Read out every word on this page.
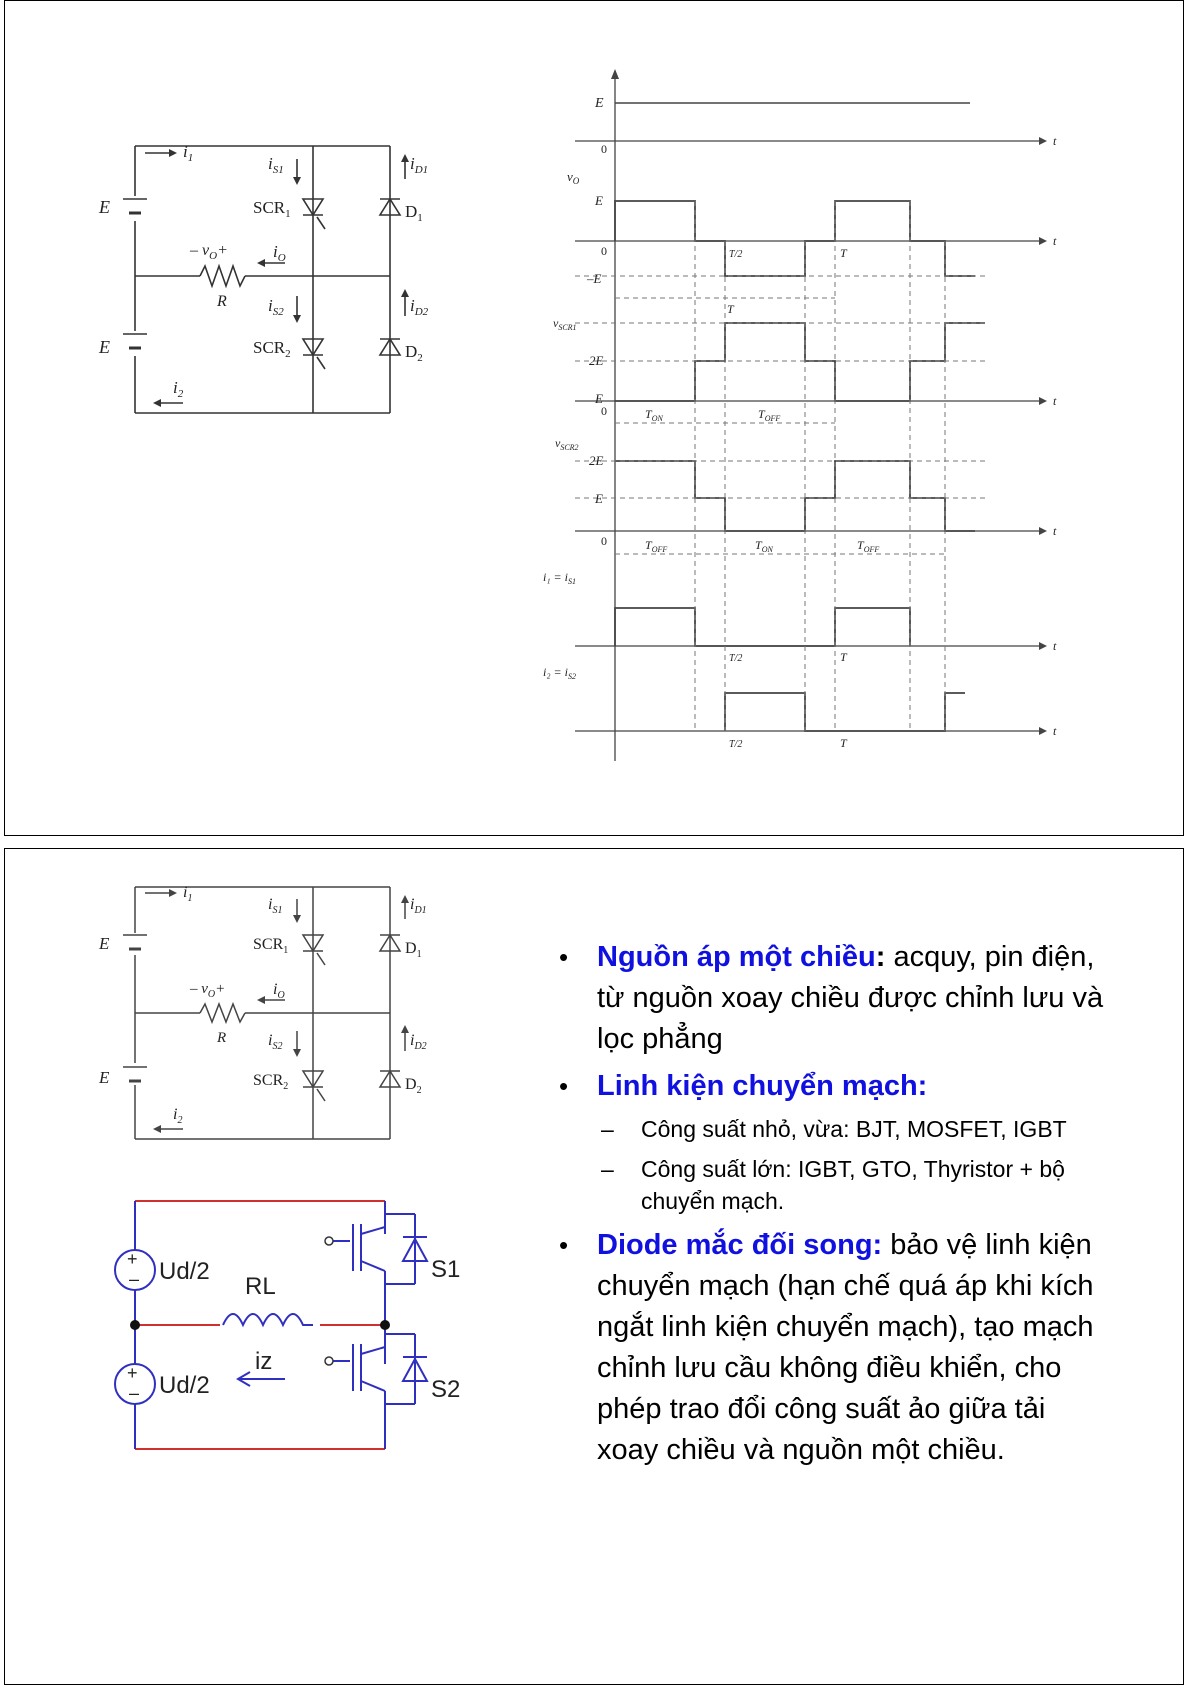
$i_1$	$i_{S1}$	$i_{D1}$
$SCR_1$	$D_1$
E
E
– $v_O+$	$i_O$
R $i_{S2}$	$i_{D2}$
$SCR_2$	$D_2$
$i_2$
E
0
t
$v_O$
E
0
t
–E
T/2	T
T
$v_{SCR1}$
2E
E
0
t
$T_{ON}$	$T_{OFF}$
$v_{SCR2}$
2E
E
0
t
$T_{OFF}$	$T_{ON}$	$T_{OFF}$
$i_1 = i_{S1}$
t
T/2	T
$i_2 = i_{S2}$
t
T/2	T
$i_1$	$i_{S1}$	$i_{D1}$
$SCR_1$	$D_1$
E
E
– $v_O+$	$i_O$
R	$i_{S2}$	$i_{D2}$
$SCR_2$	$D_2$
$i_2$
+
–
+
–
Ud/2
Ud/2
RL
iz
S1
S2
• Nguồn áp một chiều: acquy, pin điện, từ nguồn xoay chiều được chỉnh lưu và lọc phẳng
• Linh kiện chuyển mạch:
– Công suất nhỏ, vừa: BJT, MOSFET, IGBT
– Công suất lớn: IGBT, GTO, Thyristor + bộ chuyển mạch.
• Diode mắc đối song: bảo vệ linh kiện chuyển mạch (hạn chế quá áp khi kích ngắt linh kiện chuyển mạch), tạo mạch chỉnh lưu cầu không điều khiển, cho phép trao đổi công suất ảo giữa tải xoay chiều và nguồn một chiều.
